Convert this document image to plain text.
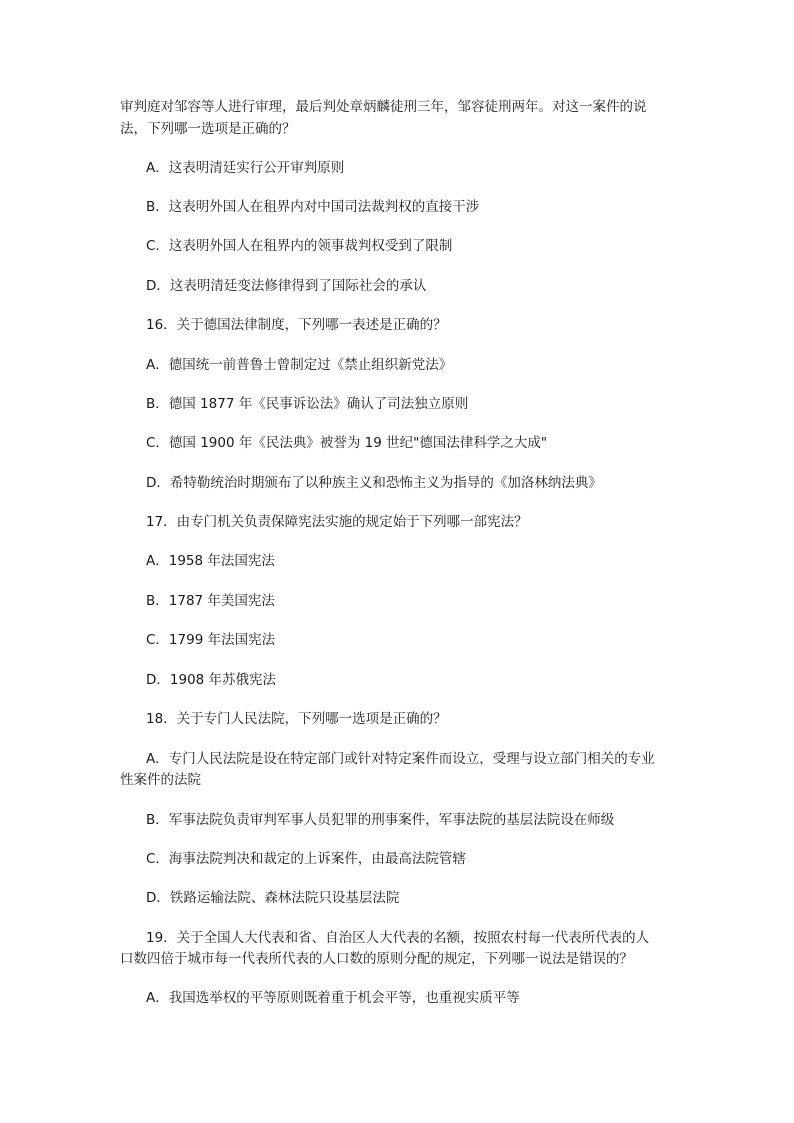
审判庭对邹容等人进行审理，最后判处章炳麟徒刑三年，邹容徒刑两年。对这一案件的说
法，下列哪一选项是正确的？
A．这表明清廷实行公开审判原则
B．这表明外国人在租界内对中国司法裁判权的直接干涉
C．这表明外国人在租界内的领事裁判权受到了限制
D．这表明清廷变法修律得到了国际社会的承认
16．关于德国法律制度，下列哪一表述是正确的？
A．德国统一前普鲁士曾制定过《禁止组织新党法》
B．德国 1877 年《民事诉讼法》确认了司法独立原则
C．德国 1900 年《民法典》被誉为 19 世纪"德国法律科学之大成"
D．希特勒统治时期颁布了以种族主义和恐怖主义为指导的《加洛林纳法典》
17．由专门机关负责保障宪法实施的规定始于下列哪一部宪法？
A．1958 年法国宪法
B．1787 年美国宪法
C．1799 年法国宪法
D．1908 年苏俄宪法
18．关于专门人民法院，下列哪一选项是正确的？
A．专门人民法院是设在特定部门或针对特定案件而设立，受理与设立部门相关的专业
性案件的法院
B．军事法院负责审判军事人员犯罪的刑事案件，军事法院的基层法院设在师级
C．海事法院判决和裁定的上诉案件，由最高法院管辖
D．铁路运输法院、森林法院只设基层法院
19．关于全国人大代表和省、自治区人大代表的名额，按照农村每一代表所代表的人
口数四倍于城市每一代表所代表的人口数的原则分配的规定，下列哪一说法是错误的？
A．我国选举权的平等原则既着重于机会平等，也重视实质平等
